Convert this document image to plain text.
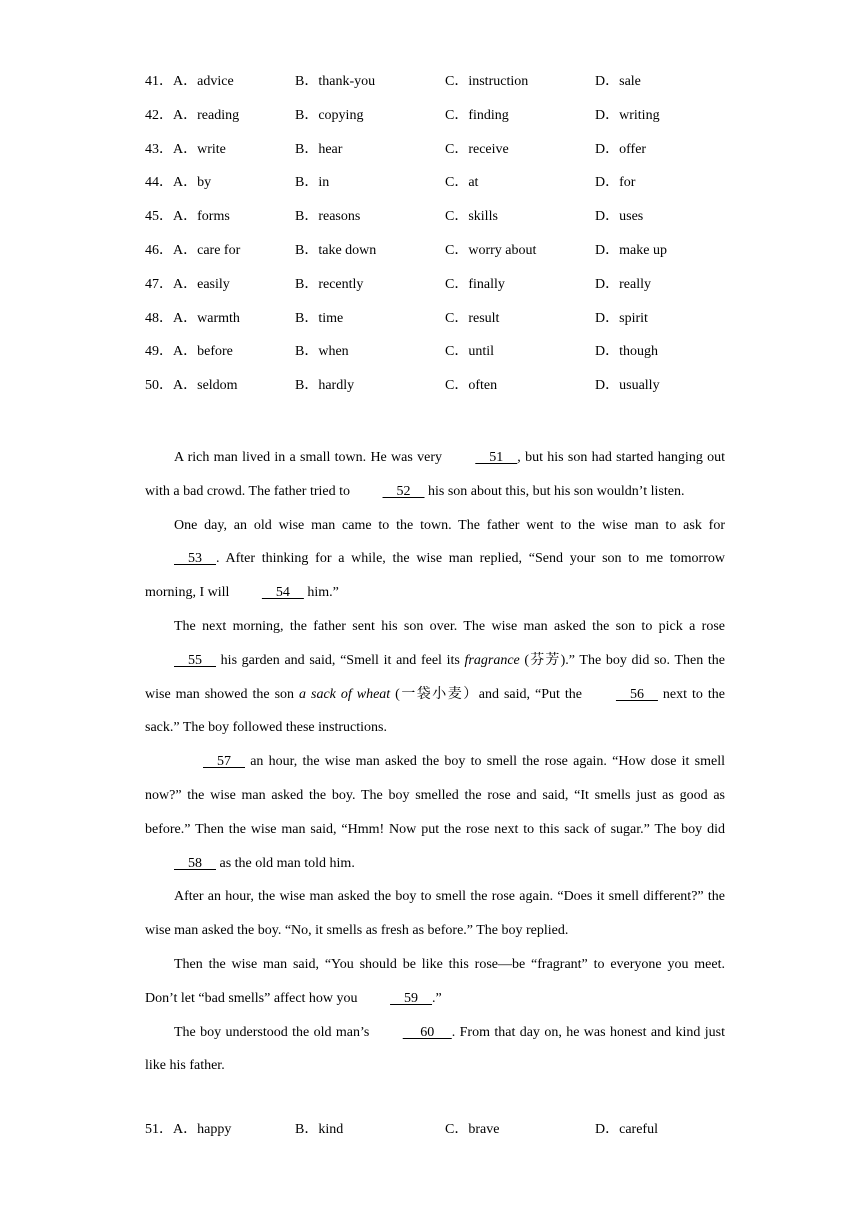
41．A．advice	B．thank-you	C．instruction	D．sale
42．A．reading	B．copying	C．finding	D．writing
43．A．write	B．hear	C．receive	D．offer
44．A．by	B．in	C．at	D．for
45．A．forms	B．reasons	C．skills	D．uses
46．A．care for	B．take down	C．worry about	D．make up
47．A．easily	B．recently	C．finally	D．really
48．A．warmth	B．time	C．result	D．spirit
49．A．before	B．when	C．until	D．though
50．A．seldom	B．hardly	C．often	D．usually

A rich man lived in a small town. He was very     51    , but his son had started hanging out with a bad crowd. The father tried to     52     his son about this, but his son wouldn’t listen.

One day, an old wise man came to the town. The father went to the wise man to ask for     53    . After thinking for a while, the wise man replied, “Send your son to me tomorrow morning, I will     54     him.”

The next morning, the father sent his son over. The wise man asked the son to pick a rose     55     his garden and said, “Smell it and feel its fragrance (芬芳).” The boy did so. Then the wise man showed the son a sack of wheat (一袋小麦）and said, “Put the     56     next to the sack.” The boy followed these instructions.

57     an hour, the wise man asked the boy to smell the rose again. “How dose it smell now?” the wise man asked the boy. The boy smelled the rose and said, “It smells just as good as before.” Then the wise man said, “Hmm! Now put the rose next to this sack of sugar.” The boy did     58     as the old man told him.

After an hour, the wise man asked the boy to smell the rose again. “Does it smell different?” the wise man asked the boy. “No, it smells as fresh as before.” The boy replied.

Then the wise man said, “You should be like this rose—be “fragrant” to everyone you meet. Don’t let “bad smells” affect how you     59    .”

The boy understood the old man’s      60     . From that day on, he was honest and kind just like his father.

51．A．happy	B．kind	C．brave	D．careful
